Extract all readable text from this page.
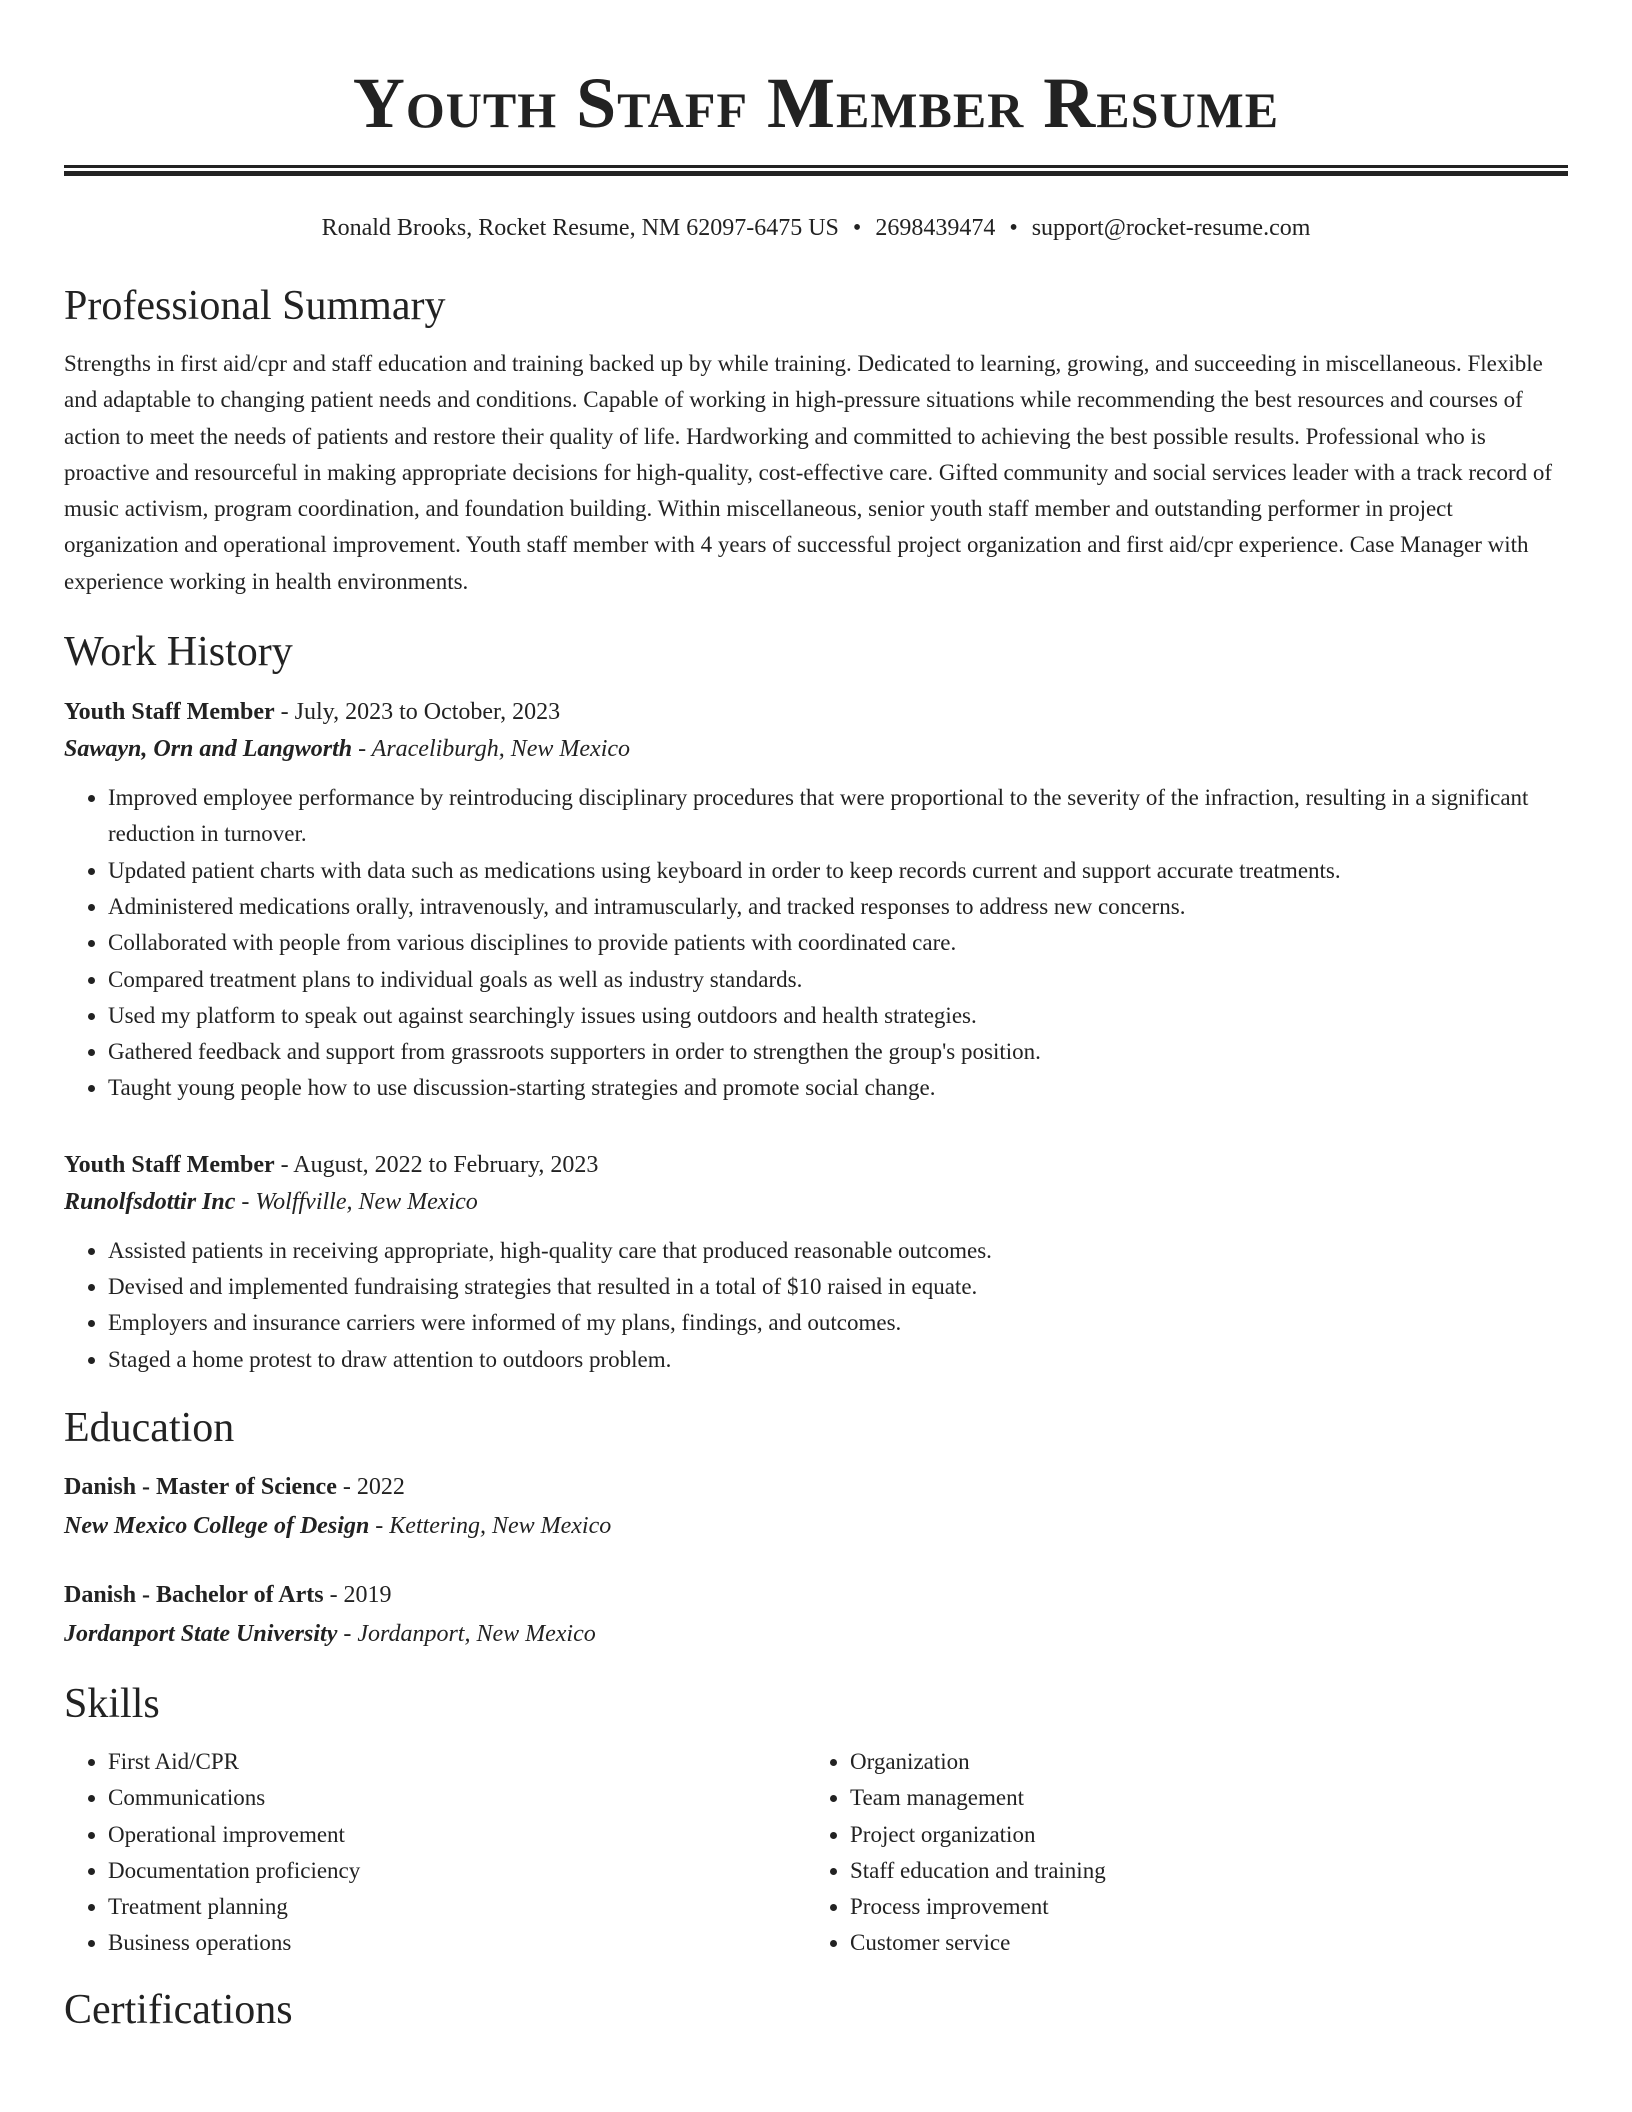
Youth Staff Member Resume
Ronald Brooks, Rocket Resume, NM 62097-6475 US • 2698439474 • support@rocket-resume.com
Professional Summary

Strengths in first aid/cpr and staff education and training backed up by while training. Dedicated to learning, growing, and succeeding in miscellaneous. Flexible and adaptable to changing patient needs and conditions. Capable of working in high-pressure situations while recommending the best resources and courses of action to meet the needs of patients and restore their quality of life. Hardworking and committed to achieving the best possible results. Professional who is proactive and resourceful in making appropriate decisions for high-quality, cost-effective care. Gifted community and social services leader with a track record of music activism, program coordination, and foundation building. Within miscellaneous, senior youth staff member and outstanding performer in project organization and operational improvement. Youth staff member with 4 years of successful project organization and first aid/cpr experience. Case Manager with experience working in health environments.

Work History
Youth Staff Member - July, 2023 to October, 2023
Sawayn, Orn and Langworth - Araceliburgh, New Mexico
• Improved employee performance by reintroducing disciplinary procedures that were proportional to the severity of the infraction, resulting in a significant reduction in turnover.
• Updated patient charts with data such as medications using keyboard in order to keep records current and support accurate treatments.
• Administered medications orally, intravenously, and intramuscularly, and tracked responses to address new concerns.
• Collaborated with people from various disciplines to provide patients with coordinated care.
• Compared treatment plans to individual goals as well as industry standards.
• Used my platform to speak out against searchingly issues using outdoors and health strategies.
• Gathered feedback and support from grassroots supporters in order to strengthen the group's position.
• Taught young people how to use discussion-starting strategies and promote social change.
Youth Staff Member - August, 2022 to February, 2023
Runolfsdottir Inc - Wolffville, New Mexico
• Assisted patients in receiving appropriate, high-quality care that produced reasonable outcomes.
• Devised and implemented fundraising strategies that resulted in a total of $10 raised in equate.
• Employers and insurance carriers were informed of my plans, findings, and outcomes.
• Staged a home protest to draw attention to outdoors problem.
Education
Danish - Master of Science - 2022
New Mexico College of Design - Kettering, New Mexico
Danish - Bachelor of Arts - 2019
Jordanport State University - Jordanport, New Mexico
Skills
• First Aid/CPR
• Communications
• Operational improvement
• Documentation proficiency
• Treatment planning
• Business operations
• Organization
• Team management
• Project organization
• Staff education and training
• Process improvement
• Customer service
Certifications
